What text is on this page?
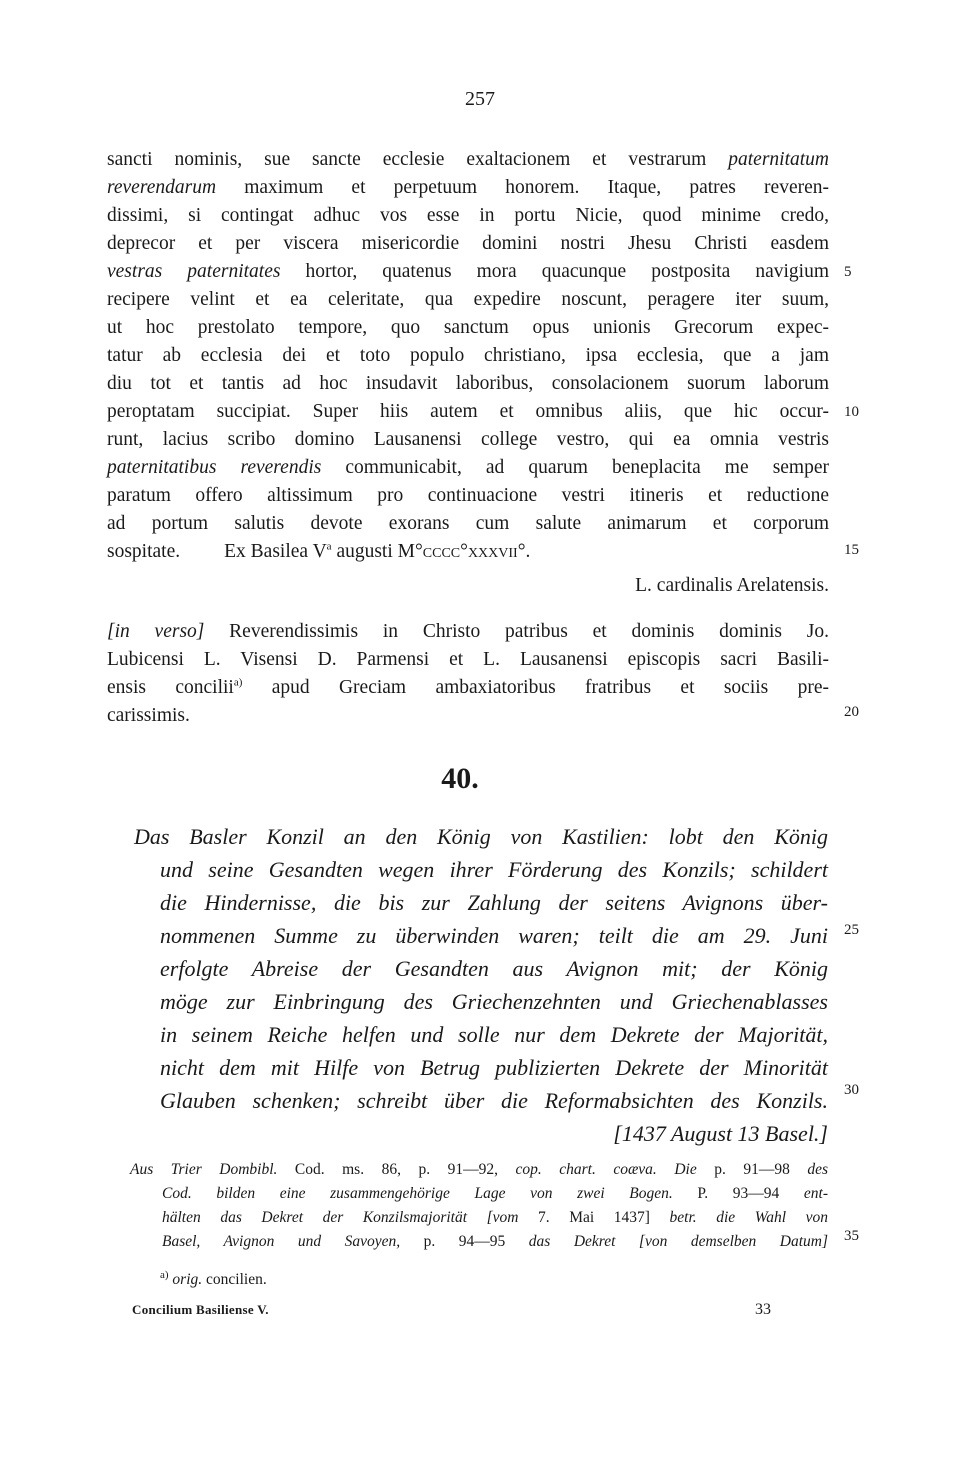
257
sancti nominis, sue sancte ecclesie exaltacionem et vestrarum paternitatum
reverendarum maximum et perpetuum honorem. Itaque, patres reveren-
dissimi, si contingat adhuc vos esse in portu Nicie, quod minime credo,
deprecor et per viscera misericordie domini nostri Jhesu Christi easdem
vestras paternitates hortor, quatenus mora quacunque postposita navigium
recipere velint et ea celeritate, qua expedire noscunt, peragere iter suum,
ut hoc prestolato tempore, quo sanctum opus unionis Grecorum expec-
tatur ab ecclesia dei et toto populo christiano, ipsa ecclesia, que a jam
diu tot et tantis ad hoc insudavit laboribus, consolacionem suorum laborum
peroptatam succipiat. Super hiis autem et omnibus aliis, que hic occur-
runt, lacius scribo domino Lausanensi college vestro, qui ea omnia vestris
paternitatibus reverendis communicabit, ad quarum beneplacita me semper
paratum offero altissimum pro continuacione vestri itineris et reductione
ad portum salutis devote exorans cum salute animarum et corporum
sospitate. Ex Basilea $V^a$ augusti M°cccc°xxxvii°.
L. cardinalis Arelatensis.
[in verso] Reverendissimis in Christo patribus et dominis dominis Jo.
Lubicensi L. Visensi D. Parmensi et L. Lausanensi episcopis sacri Basili-
ensis concilii$^{a)}$ apud Greciam ambaxiatoribus fratribus et sociis pre-
carissimis.
5
10
15
20
25
30
35
40.
Das Basler Konzil an den König von Kastilien: lobt den König
und seine Gesandten wegen ihrer Förderung des Konzils; schildert
die Hindernisse, die bis zur Zahlung der seitens Avignons über-
nommenen Summe zu überwinden waren; teilt die am 29. Juni
erfolgte Abreise der Gesandten aus Avignon mit; der König
möge zur Einbringung des Griechenzehnten und Griechenablasses
in seinem Reiche helfen und solle nur dem Dekrete der Majorität,
nicht dem mit Hilfe von Betrug publizierten Dekrete der Minorität
Glauben schenken; schreibt über die Reformabsichten des Konzils.
[1437 August 13 Basel.]
Aus Trier Dombibl. Cod. ms. 86, p. 91—92, cop. chart. coæva. Die p. 91—98 des
Cod. bilden eine zusammengehörige Lage von zwei Bogen. P. 93—94 ent-
hälten das Dekret der Konzilsmajorität [vom 7. Mai 1437] betr. die Wahl von
Basel, Avignon und Savoyen, p. 94—95 das Dekret [von demselben Datum]
$^{a)}$ orig. concilien.
Concilium Basiliense V.	33
